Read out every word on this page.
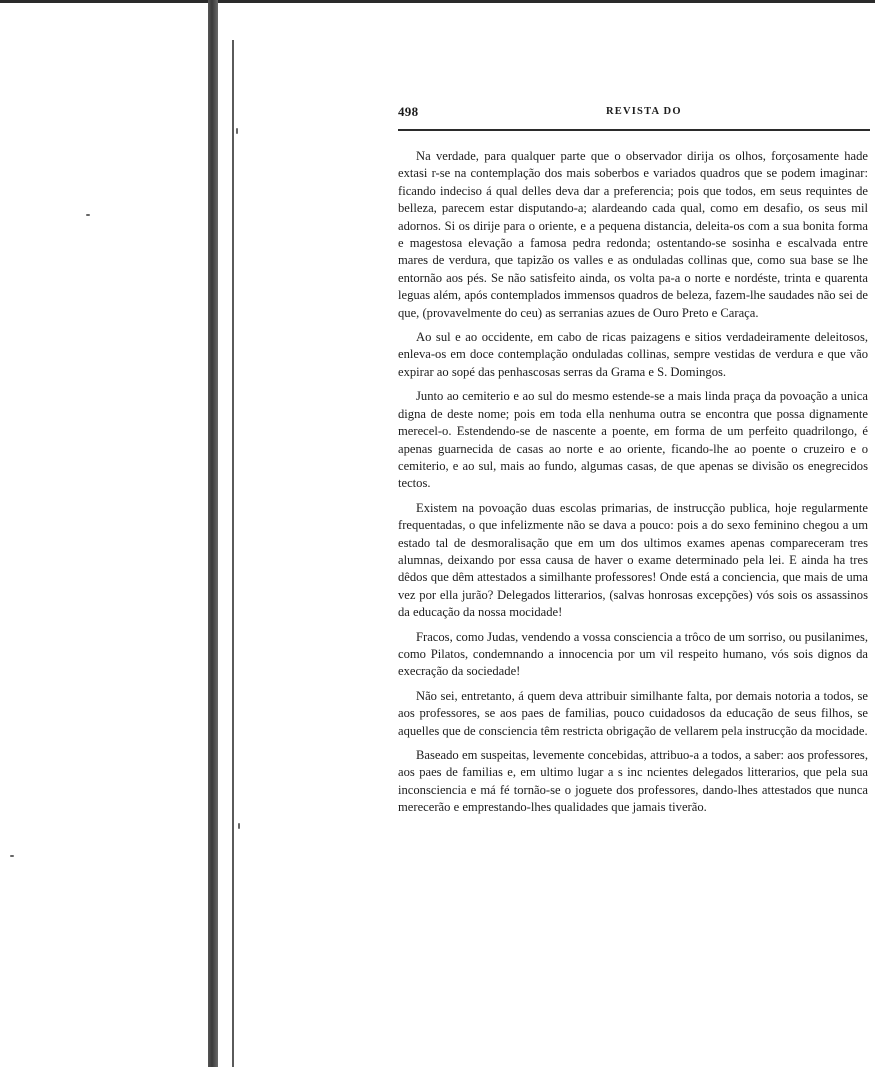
498	REVISTA DO

Na verdade, para qualquer parte que o observador dirija os olhos, forçosamente hade extasi r-se na contemplação dos mais soberbos e variados quadros que se podem imaginar: ficando indeciso á qual delles deva dar a preferencia; pois que todos, em seus requintes de belleza, parecem estar disputando-a; alardeando cada qual, como em desafio, os seus mil adornos. Si os dirije para o oriente, e a pequena distancia, deleita-os com a sua bonita forma e magestosa elevação a famosa pedra redonda; ostentando-se sosinha e escalvada entre mares de verdura, que tapizão os valles e as onduladas collinas que, como sua base se lhe entornão aos pés. Se não satisfeito ainda, os volta pa-a o norte e nordéste, trinta e quarenta leguas além, após contemplados immensos quadros de beleza, fazem-lhe saudades não sei de que, (provavelmente do ceu) as serranias azues de Ouro Preto e Caraça.

Ao sul e ao occidente, em cabo de ricas paizagens e sitios verdadeiramente deleitosos, enleva-os em doce contemplação onduladas collinas, sempre vestidas de verdura e que vão expirar ao sopé das penhascosas serras da Grama e S. Domingos.

Junto ao cemiterio e ao sul do mesmo estende-se a mais linda praça da povoação a unica digna de deste nome; pois em toda ella nenhuma outra se encontra que possa dignamente merecel-o. Estendendo-se de nascente a poente, em forma de um perfeito quadrilongo, é apenas guarnecida de casas ao norte e ao oriente, ficando-lhe ao poente o cruzeiro e o cemiterio, e ao sul, mais ao fundo, algumas casas, de que apenas se divisão os enegrecidos tectos.

Existem na povoação duas escolas primarias, de instrucção publica, hoje regularmente frequentadas, o que infelizmente não se dava a pouco: pois a do sexo feminino chegou a um estado tal de desmoralisação que em um dos ultimos exames apenas compareceram tres alumnas, deixando por essa causa de haver o exame determinado pela lei. E ainda ha tres dêdos que dêm attestados a similhante professores! Onde está a conciencia, que mais de uma vez por ella jurão? Delegados litterarios, (salvas honrosas excepções) vós sois os assassinos da educação da nossa mocidade!

Fracos, como Judas, vendendo a vossa consciencia a trôco de um sorriso, ou pusilanimes, como Pilatos, condemnando a innocencia por um vil respeito humano, vós sois dignos da execração da sociedade!

Não sei, entretanto, á quem deva attribuir similhante falta, por demais notoria a todos, se aos professores, se aos paes de familias, pouco cuidadosos da educação de seus filhos, se aquelles que de consciencia têm restricta obrigação de vellarem pela instrucção da mocidade.

Baseado em suspeitas, levemente concebidas, attribuo-a a todos, a saber: aos professores, aos paes de familias e, em ultimo lugar a s inc ncientes delegados litterarios, que pela sua inconsciencia e má fé tornão-se o joguete dos professores, dando-lhes attestados que nunca merecerão e emprestando-lhes qualidades que jamais tiverão.
